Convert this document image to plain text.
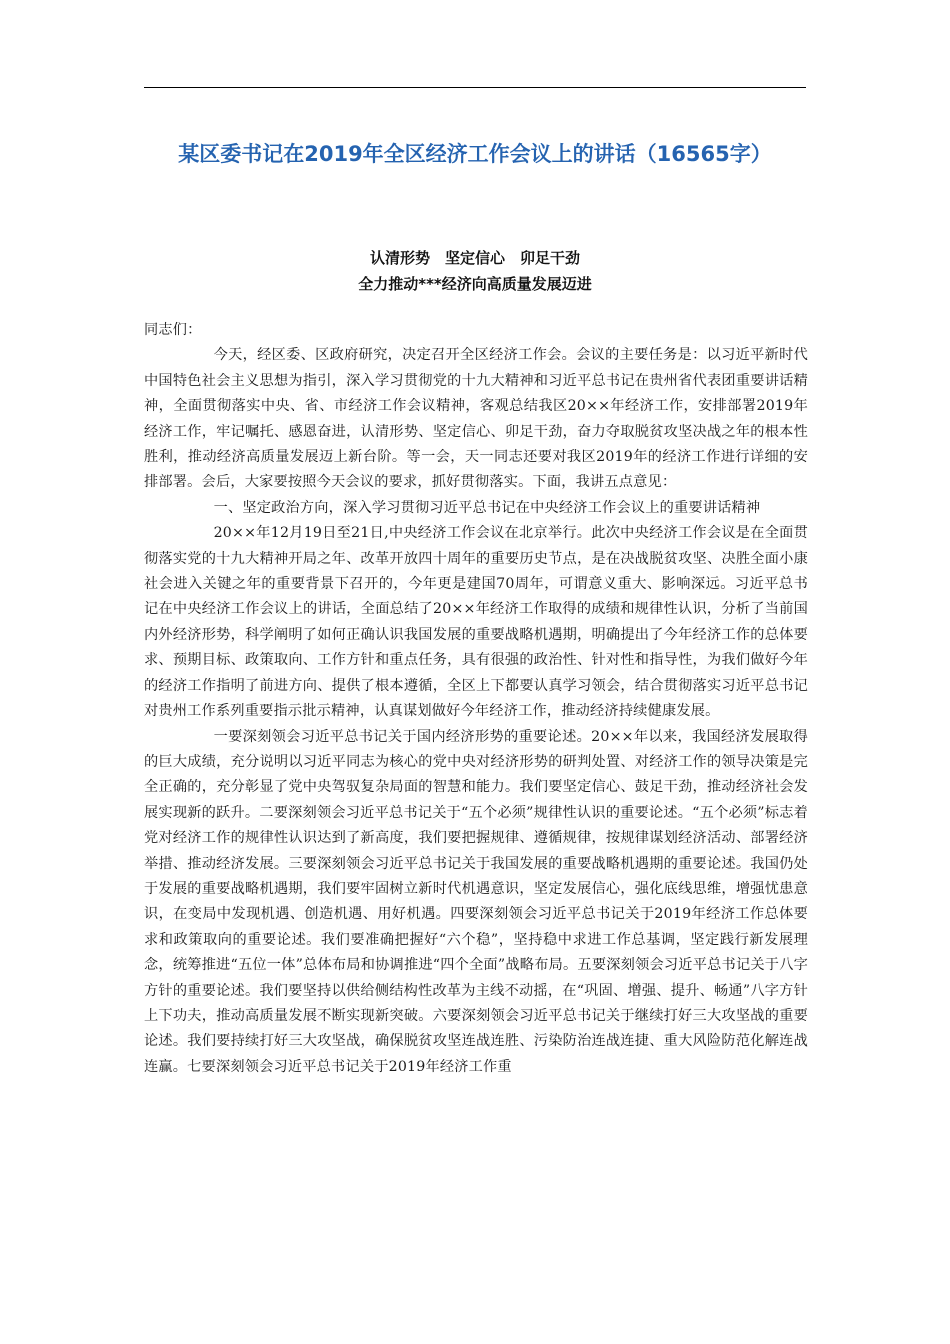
某区委书记在2019年全区经济工作会议上的讲话（16565字）
认清形势　坚定信心　卯足干劲
全力推动***经济向高质量发展迈进

同志们：

今天，经区委、区政府研究，决定召开全区经济工作会。会议的主要任务是：以习近平新时代中国特色社会主义思想为指引，深入学习贯彻党的十九大精神和习近平总书记在贵州省代表团重要讲话精神，全面贯彻落实中央、省、市经济工作会议精神，客观总结我区20××年经济工作，安排部署2019年经济工作，牢记嘱托、感恩奋进，认清形势、坚定信心、卯足干劲，奋力夺取脱贫攻坚决战之年的根本性胜利，推动经济高质量发展迈上新台阶。等一会，天一同志还要对我区2019年的经济工作进行详细的安排部署。会后，大家要按照今天会议的要求，抓好贯彻落实。下面，我讲五点意见：

一、坚定政治方向，深入学习贯彻习近平总书记在中央经济工作会议上的重要讲话精神

20××年12月19日至21日,中央经济工作会议在北京举行。此次中央经济工作会议是在全面贯彻落实党的十九大精神开局之年、改革开放四十周年的重要历史节点，是在决战脱贫攻坚、决胜全面小康社会进入关键之年的重要背景下召开的，今年更是建国70周年，可谓意义重大、影响深远。习近平总书记在中央经济工作会议上的讲话，全面总结了20××年经济工作取得的成绩和规律性认识，分析了当前国内外经济形势，科学阐明了如何正确认识我国发展的重要战略机遇期，明确提出了今年经济工作的总体要求、预期目标、政策取向、工作方针和重点任务，具有很强的政治性、针对性和指导性，为我们做好今年的经济工作指明了前进方向、提供了根本遵循，全区上下都要认真学习领会，结合贯彻落实习近平总书记对贵州工作系列重要指示批示精神，认真谋划做好今年经济工作，推动经济持续健康发展。

一要深刻领会习近平总书记关于国内经济形势的重要论述。20××年以来，我国经济发展取得的巨大成绩，充分说明以习近平同志为核心的党中央对经济形势的研判处置、对经济工作的领导决策是完全正确的，充分彰显了党中央驾驭复杂局面的智慧和能力。我们要坚定信心、鼓足干劲，推动经济社会发展实现新的跃升。二要深刻领会习近平总书记关于“五个必须”规律性认识的重要论述。“五个必须”标志着党对经济工作的规律性认识达到了新高度，我们要把握规律、遵循规律，按规律谋划经济活动、部署经济举措、推动经济发展。三要深刻领会习近平总书记关于我国发展的重要战略机遇期的重要论述。我国仍处于发展的重要战略机遇期，我们要牢固树立新时代机遇意识，坚定发展信心，强化底线思维，增强忧患意识，在变局中发现机遇、创造机遇、用好机遇。四要深刻领会习近平总书记关于2019年经济工作总体要求和政策取向的重要论述。我们要准确把握好“六个稳”，坚持稳中求进工作总基调，坚定践行新发展理念，统筹推进“五位一体”总体布局和协调推进“四个全面”战略布局。五要深刻领会习近平总书记关于八字方针的重要论述。我们要坚持以供给侧结构性改革为主线不动摇，在“巩固、增强、提升、畅通”八字方针上下功夫，推动高质量发展不断实现新突破。六要深刻领会习近平总书记关于继续打好三大攻坚战的重要论述。我们要持续打好三大攻坚战，确保脱贫攻坚连战连胜、污染防治连战连捷、重大风险防范化解连战连赢。七要深刻领会习近平总书记关于2019年经济工作重
